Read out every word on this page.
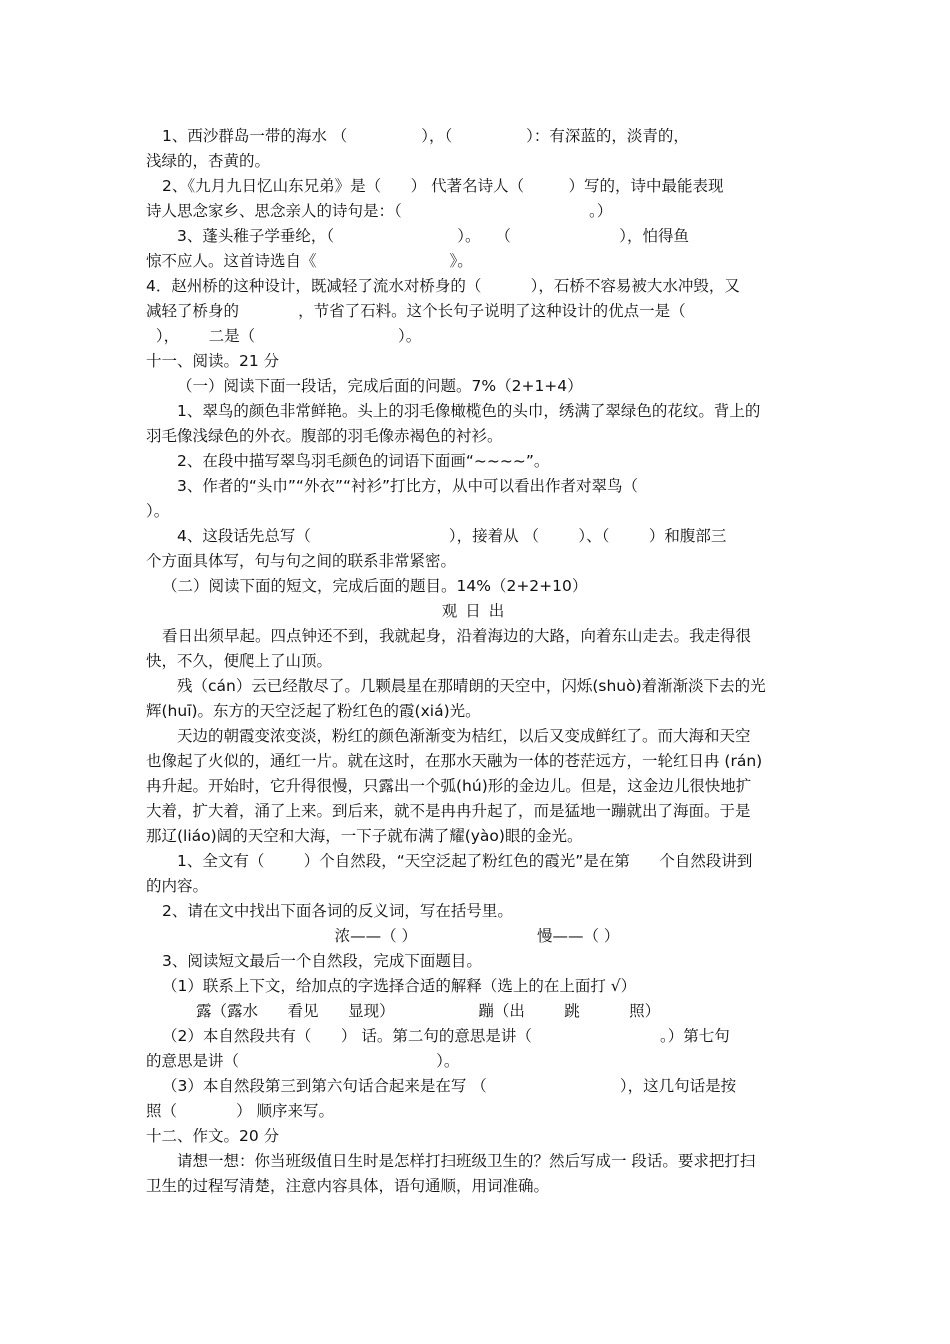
1、西沙群岛一带的海水 （               ），（               ）：有深蓝的，淡青的，

浅绿的，杏黄的。

2、《九月九日忆山东兄弟》是（      ） 代著名诗人（         ）写的，诗中最能表现

诗人思念家乡、思念亲人的诗句是：（                                      。）

3、蓬头稚子学垂纶，（                         ）。   （                      ），怕得鱼

惊不应人。这首诗选自《                           》。

4．赵州桥的这种设计，既减轻了流水对桥身的（          ），石桥不容易被大水冲毁，又

减轻了桥身的            ，节省了石料。这个长句子说明了这种设计的优点一是（

），      二是（                             ）。

十一、阅读。21 分

（一）阅读下面一段话，完成后面的问题。7%（2+1+4）

1、翠鸟的颜色非常鲜艳。头上的羽毛像橄榄色的头巾，绣满了翠绿色的花纹。背上的

羽毛像浅绿色的外衣。腹部的羽毛像赤褐色的衬衫。

2、在段中描写翠鸟羽毛颜色的词语下面画“~~~~”。

3、作者的“头巾”“外衣”“衬衫”打比方，从中可以看出作者对翠鸟（

）。

4、这段话先总写（                            ），接着从 （        ）、（        ）和腹部三

个方面具体写，句与句之间的联系非常紧密。

（二）阅读下面的短文，完成后面的题目。14%（2+2+10）

观日出

看日出须早起。四点钟还不到，我就起身，沿着海边的大路，向着东山走去。我走得很

快，不久，便爬上了山顶。

残（cán）云已经散尽了。几颗晨星在那晴朗的天空中，闪烁(shuò)着渐渐淡下去的光

辉(huī)。东方的天空泛起了粉红色的霞(xiá)光。

天边的朝霞变浓变淡，粉红的颜色渐渐变为桔红，以后又变成鲜红了。而大海和天空

也像起了火似的，通红一片。就在这时，在那水天融为一体的苍茫远方，一轮红日冉 (rán)

冉升起。开始时，它升得很慢，只露出一个弧(hú)形的金边儿。但是，这金边儿很快地扩

大着，扩大着，涌了上来。到后来，就不是冉冉升起了，而是猛地一蹦就出了海面。于是

那辽(liáo)阔的天空和大海，一下子就布满了耀(yào)眼的金光。

1、全文有（        ）个自然段，“天空泛起了粉红色的霞光”是在第      个自然段讲到

的内容。

2、请在文中找出下面各词的反义词，写在括号里。

浓——（ ）	慢——（ ）

3、阅读短文最后一个自然段，完成下面题目。

（1）联系上下文，给加点的字选择合适的解释（选上的在上面打 √）

露（露水      看见      显现）                 蹦（出        跳          照）

（2）本自然段共有（      ） 话。第二句的意思是讲（                          。）第七句

的意思是讲（                                        ）。

（3）本自然段第三到第六句话合起来是在写 （                           ），这几句话是按

照（            ） 顺序来写。

十二、作文。20 分

请想一想：你当班级值日生时是怎样打扫班级卫生的？然后写成一 段话。要求把打扫

卫生的过程写清楚，注意内容具体，语句通顺，用词准确。
